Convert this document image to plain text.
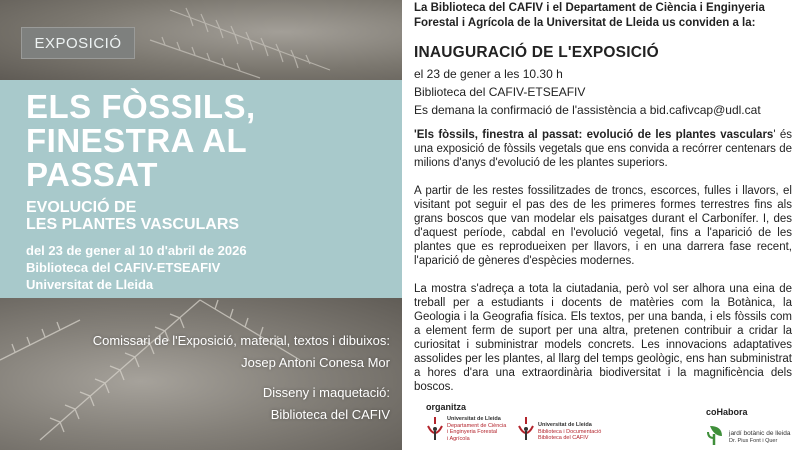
EXPOSICIÓ
ELS FÒSSILS,
FINESTRA AL
PASSAT
EVOLUCIÓ DE
LES PLANTES VASCULARS
del 23 de gener al 10 d'abril de 2026
Biblioteca del CAFIV-ETSEAFIV
Universitat de Lleida
Comissari de l'Exposició, material, textos i dibuixos:
Josep Antoni Conesa Mor
Disseny i maquetació:
Biblioteca del CAFIV

La Biblioteca del CAFIV i el Departament de Ciència i Enginyeria Forestal i Agrícola de la Universitat de Lleida us conviden a la:

INAUGURACIÓ DE L'EXPOSICIÓ
el 23 de gener a les 10.30 h
Biblioteca del CAFIV-ETSEAFIV
Es demana la confirmació de l'assistència a bid.cafivcap@udl.cat

'Els fòssils, finestra al passat: evolució de les plantes vasculars' és una exposició de fòssils vegetals que ens convida a recórrer centenars de milions d'anys d'evolució de les plantes superiors.

A partir de les restes fossilitzades de troncs, escorces, fulles i llavors, el visitant pot seguir el pas des de les primeres formes terrestres fins als grans boscos que van modelar els paisatges durant el Carbonífer. I, des d'aquest període, cabdal en l'evolució vegetal, fins a l'aparició de les plantes que es reprodueixen per llavors, i en una darrera fase recent, l'aparició de gèneres d'espècies modernes.

La mostra s'adreça a tota la ciutadania, però vol ser alhora una eina de treball per a estudiants i docents de matèries com la Botànica, la Geologia i la Geografia física. Els textos, per una banda, i els fòssils com a element ferm de suport per una altra, pretenen contribuir a cridar la curiositat i subministrar models concrets. Les innovacions adaptatives assolides per les plantes, al llarg del temps geològic, ens han subministrat a hores d'ara una extraordinària biodiversitat i la magnificència dels boscos.

organitza	coHabora
Universitat de Lleida
Departament de Ciència
i Enginyeria Forestal
i Agrícola
Universitat de Lleida
Biblioteca i Documentació
Biblioteca del CAFIV
jardí botànic de lleida
Dr. Pius Font i Quer
